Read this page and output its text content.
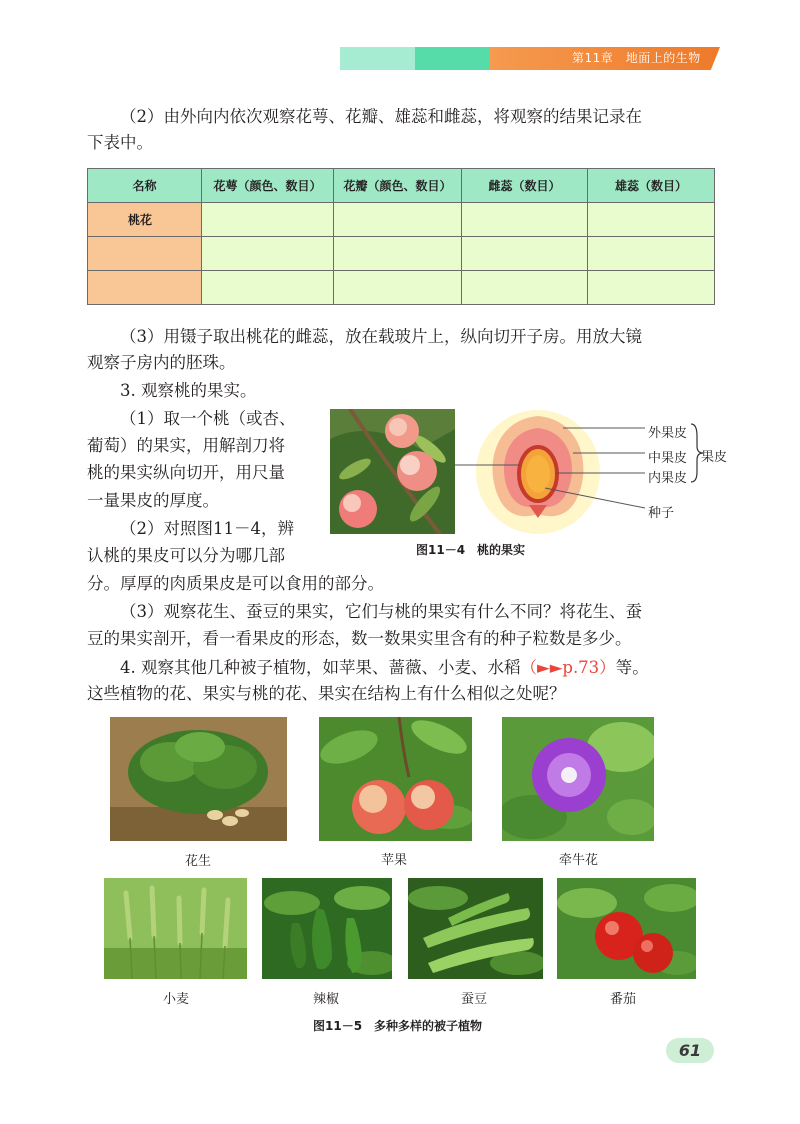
第11章　 地面上的生物

（2）由外向内依次观察花萼、花瓣、雄蕊和雌蕊，将观察的结果记录在

下表中。

名称	花萼（颜色、数目）	花瓣（颜色、数目）	雌蕊（数目）	雄蕊（数目）
桃花				

（3）用镊子取出桃花的雌蕊，放在载玻片上，纵向切开子房。用放大镜

观察子房内的胚珠。

3. 观察桃的果实。

（1）取一个桃（或杏、

葡萄）的果实，用解剖刀将

桃的果实纵向切开，用尺量

一量果皮的厚度。

（2）对照图11－4，辨

认桃的果皮可以分为哪几部

分。厚厚的肉质果皮是可以食用的部分。

外果皮
中果皮
内果皮
果皮
种子
图11－4　桃的果实

（3）观察花生、蚕豆的果实，它们与桃的果实有什么不同？将花生、蚕

豆的果实剖开，看一看果皮的形态，数一数果实里含有的种子粒数是多少。

4. 观察其他几种被子植物，如苹果、蔷薇、小麦、水稻（►►p.73）等。

这些植物的花、果实与桃的花、果实在结构上有什么相似之处呢？

花生	苹果	牵牛花
小麦	辣椒	蚕豆	番茄
图11－5　多种多样的被子植物
61
